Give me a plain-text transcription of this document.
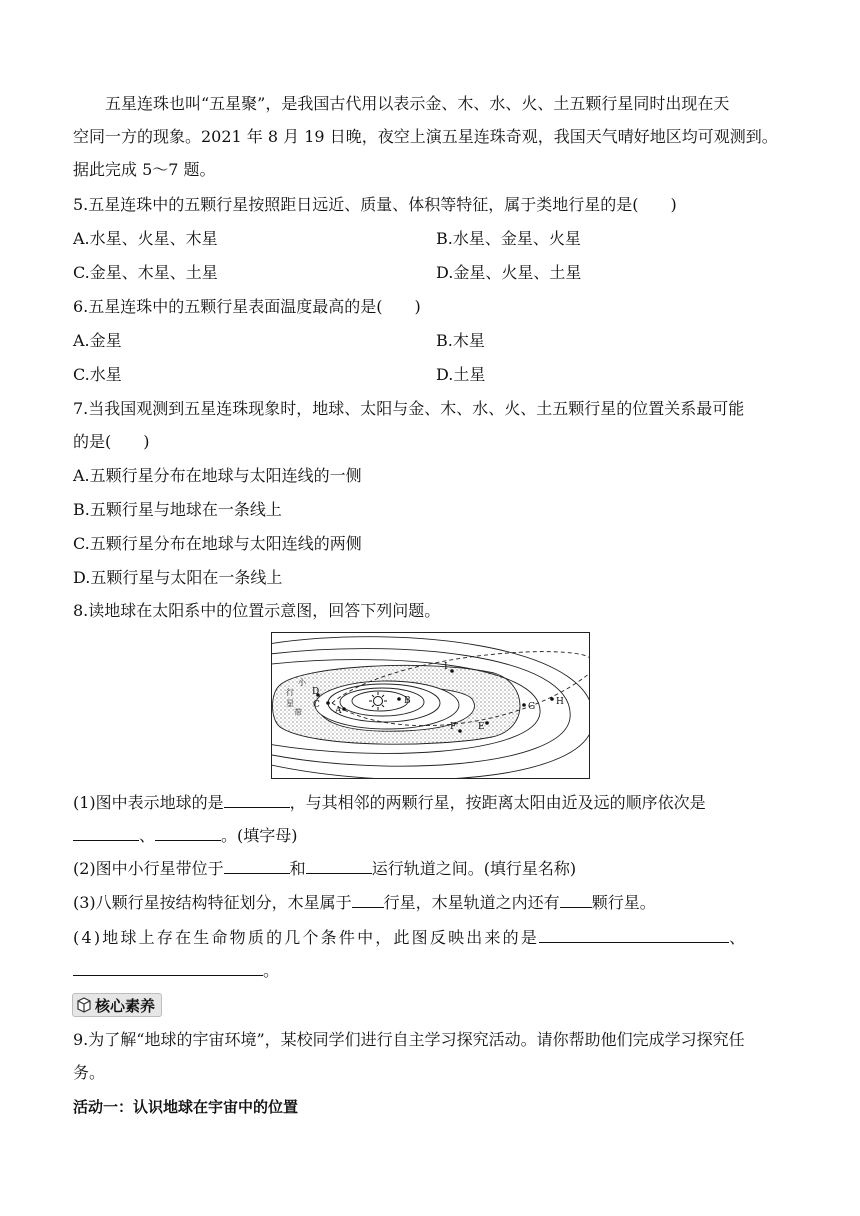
五星连珠也叫“五星聚”，是我国古代用以表示金、木、水、火、土五颗行星同时出现在天
空同一方的现象。2021 年 8 月 19 日晚，夜空上演五星连珠奇观，我国天气晴好地区均可观测到。
据此完成 5～7 题。
5.五星连珠中的五颗行星按照距日远近、质量、体积等特征，属于类地行星的是(　　)
A.水星、火星、木星	B.水星、金星、火星
C.金星、木星、土星	D.金星、火星、土星
6.五星连珠中的五颗行星表面温度最高的是(　　)
A.金星	B.木星
C.水星	D.土星
7.当我国观测到五星连珠现象时，地球、太阳与金、木、水、火、土五颗行星的位置关系最可能
的是(　　)
A.五颗行星分布在地球与太阳连线的一侧
B.五颗行星与地球在一条线上
C.五颗行星分布在地球与太阳连线的两侧
D.五颗行星与太阳在一条线上
8.读地球在太阳系中的位置示意图，回答下列问题。
B
A
C
D
I
F E
G H
小
行
星
带
(1)图中表示地球的是	，与其相邻的两颗行星，按距离太阳由近及远的顺序依次是
、	。(填字母)
(2)图中小行星带位于	和	运行轨道之间。(填行星名称)
(3)八颗行星按结构特征划分，木星属于 行星，木星轨道之内还有 颗行星。
(4)地球上存在生命物质的几个条件中，此图反映出来的是	、
。
核心素养
9.为了解“地球的宇宙环境”，某校同学们进行自主学习探究活动。请你帮助他们完成学习探究任
务。
活动一：认识地球在宇宙中的位置
